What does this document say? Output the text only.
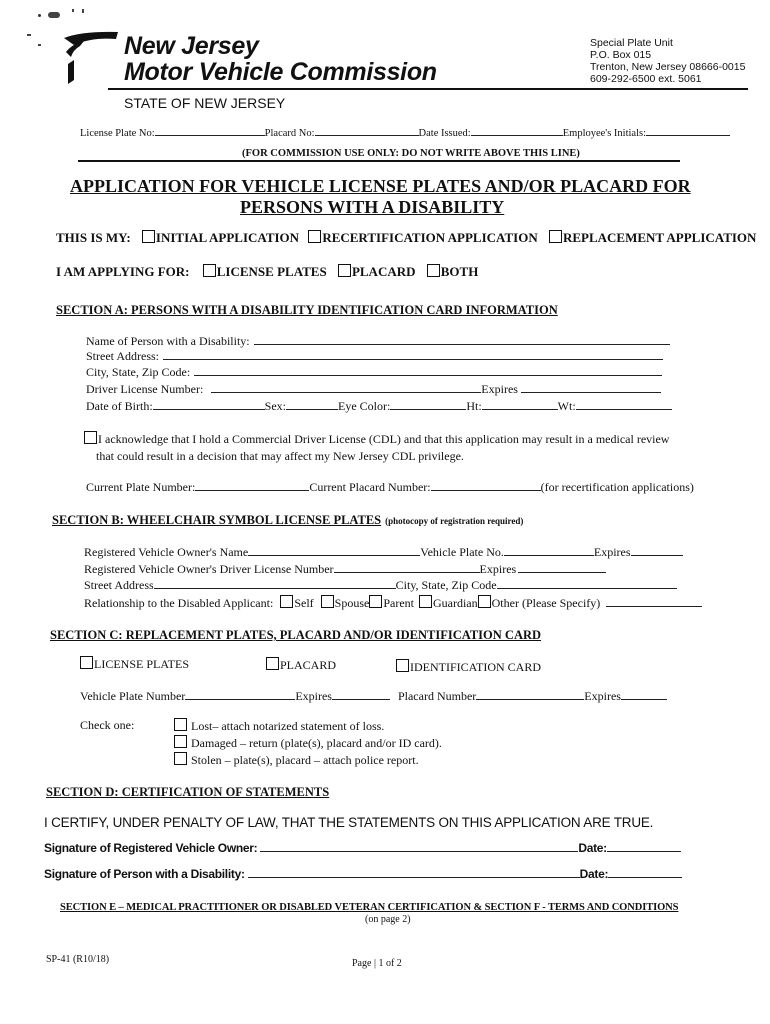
New Jersey
Motor Vehicle Commission
Special Plate Unit
P.O. Box 015
Trenton, New Jersey 08666-0015
609-292-6500 ext. 5061
STATE OF NEW JERSEY
License Plate No:	Placard No:	Date Issued:	Employee's Initials:
(FOR COMMISSION USE ONLY: DO NOT WRITE ABOVE THIS LINE)
APPLICATION FOR VEHICLE LICENSE PLATES AND/OR PLACARD FOR
PERSONS WITH A DISABILITY
THIS IS MY: INITIAL APPLICATION RECERTIFICATION APPLICATION REPLACEMENT APPLICATION
I AM APPLYING FOR: LICENSE PLATES PLACARD BOTH
SECTION A: PERSONS WITH A DISABILITY IDENTIFICATION CARD INFORMATION
Name of Person with a Disability:
Street Address:
City, State, Zip Code:
Driver License Number:	Expires
Date of Birth:	Sex:	Eye Color:	Ht:	Wt:
I acknowledge that I hold a Commercial Driver License (CDL) and that this application may result in a medical review
that could result in a decision that may affect my New Jersey CDL privilege.
Current Plate Number:	Current Placard Number:	(for recertification applications)
SECTION B: WHEELCHAIR SYMBOL LICENSE PLATES (photocopy of registration required)
Registered Vehicle Owner's Name	Vehicle Plate No.	Expires
Registered Vehicle Owner's Driver License Number	Expires
Street Address	City, State, Zip Code
Relationship to the Disabled Applicant: Self Spouse Parent Guardian Other (Please Specify)
SECTION C: REPLACEMENT PLATES, PLACARD AND/OR IDENTIFICATION CARD
LICENSE PLATES	PLACARD	IDENTIFICATION CARD
Vehicle Plate Number	Expires	Placard Number	Expires
Check one:	Lost– attach notarized statement of loss.
Damaged – return (plate(s), placard and/or ID card).
Stolen – plate(s), placard – attach police report.
SECTION D: CERTIFICATION OF STATEMENTS
I CERTIFY, UNDER PENALTY OF LAW, THAT THE STATEMENTS ON THIS APPLICATION ARE TRUE.
Signature of Registered Vehicle Owner:	Date:
Signature of Person with a Disability:	Date:
SECTION E – MEDICAL PRACTITIONER OR DISABLED VETERAN CERTIFICATION & SECTION F - TERMS AND CONDITIONS
(on page 2)
SP-41 (R10/18)	Page | 1 of 2
